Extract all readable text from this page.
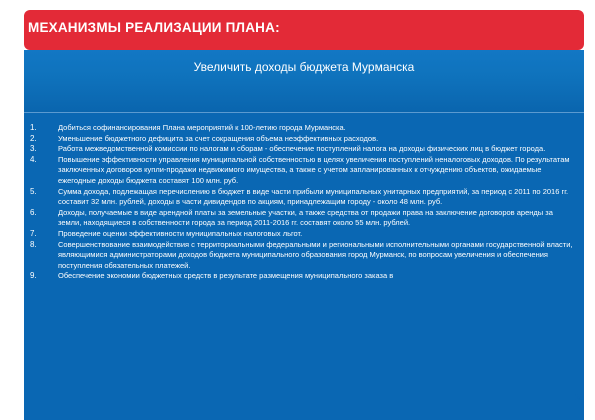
МЕХАНИЗМЫ РЕАЛИЗАЦИИ ПЛАНА:
Увеличить доходы бюджета Мурманска
1.	Добиться софинансирования Плана мероприятий к 100-летию города Мурманска.
2.	Уменьшение бюджетного дефицита за счет сокращения объема неэффективных расходов.
3.	Работа межведомственной комиссии по налогам и сборам - обеспечение поступлений налога на доходы физических лиц в бюджет города.
4.	Повышение эффективности управления муниципальной собственностью в целях увеличения поступлений неналоговых доходов. По результатам заключенных договоров купли-продажи недвижимого имущества, а также с учетом запланированных к отчуждению объектов, ожидаемые ежегодные доходы бюджета составят 100 млн. руб.
5.	Сумма дохода, подлежащая перечислению в бюджет в виде части прибыли муниципальных унитарных предприятий, за период с 2011 по 2016 гг. составит 32 млн. рублей, доходы в части дивидендов по акциям, принадлежащим городу - около 48 млн. руб.
6.	Доходы, получаемые в виде арендной платы за земельные участки, а также средства от продажи права на заключение договоров аренды за земли, находящиеся в собственности города за период 2011-2016 гг. составят около 55 млн. рублей.
7.	Проведение оценки эффективности муниципальных налоговых льгот.
8.	Совершенствование взаимодействия с территориальными федеральными и региональными исполнительными органами государственной власти, являющимися администраторами доходов бюджета муниципального образования город Мурманск, по вопросам увеличения и обеспечения поступления обязательных платежей.
9.	Обеспечение экономии бюджетных средств в результате размещения муниципального заказа в
15
